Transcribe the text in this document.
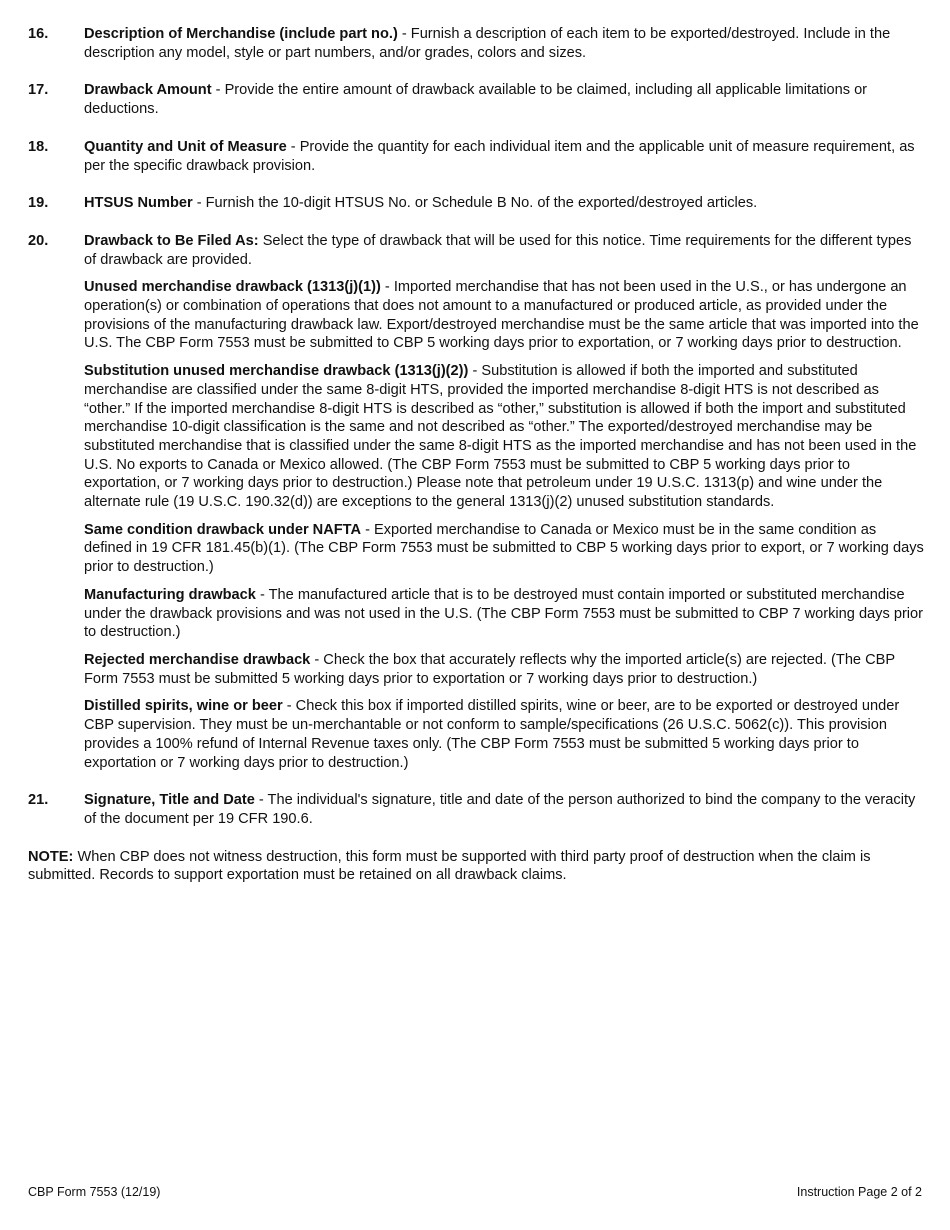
16.	Description of Merchandise (include part no.) - Furnish a description of each item to be exported/destroyed. Include in the description any model, style or part numbers, and/or grades, colors and sizes.

17.	Drawback Amount - Provide the entire amount of drawback available to be claimed, including all applicable limitations or deductions.

18.	Quantity and Unit of Measure - Provide the quantity for each individual item and the applicable unit of measure requirement, as per the specific drawback provision.

19.	HTSUS Number - Furnish the 10-digit HTSUS No. or Schedule B No. of the exported/destroyed articles.

20.	Drawback to Be Filed As: Select the type of drawback that will be used for this notice. Time requirements for the different types of drawback are provided.

Unused merchandise drawback (1313(j)(1)) - Imported merchandise that has not been used in the U.S., or has undergone an operation(s) or combination of operations that does not amount to a manufactured or produced article, as provided under the provisions of the manufacturing drawback law. Export/destroyed merchandise must be the same article that was imported into the U.S. The CBP Form 7553 must be submitted to CBP 5 working days prior to exportation, or 7 working days prior to destruction.

Substitution unused merchandise drawback (1313(j)(2)) - Substitution is allowed if both the imported and substituted merchandise are classified under the same 8-digit HTS, provided the imported merchandise 8-digit HTS is not described as “other.” If the imported merchandise 8-digit HTS is described as “other,” substitution is allowed if both the import and substituted merchandise 10-digit classification is the same and not described as “other.” The exported/destroyed merchandise may be substituted merchandise that is classified under the same 8-digit HTS as the imported merchandise and has not been used in the U.S. No exports to Canada or Mexico allowed. (The CBP Form 7553 must be submitted to CBP 5 working days prior to exportation, or 7 working days prior to destruction.) Please note that petroleum under 19 U.S.C. 1313(p) and wine under the alternate rule (19 U.S.C. 190.32(d)) are exceptions to the general 1313(j)(2) unused substitution standards.

Same condition drawback under NAFTA - Exported merchandise to Canada or Mexico must be in the same condition as defined in 19 CFR 181.45(b)(1). (The CBP Form 7553 must be submitted to CBP 5 working days prior to export, or 7 working days prior to destruction.)

Manufacturing drawback - The manufactured article that is to be destroyed must contain imported or substituted merchandise under the drawback provisions and was not used in the U.S. (The CBP Form 7553 must be submitted to CBP 7 working days prior to destruction.)

Rejected merchandise drawback - Check the box that accurately reflects why the imported article(s) are rejected. (The CBP Form 7553 must be submitted 5 working days prior to exportation or 7 working days prior to destruction.)

Distilled spirits, wine or beer - Check this box if imported distilled spirits, wine or beer, are to be exported or destroyed under CBP supervision. They must be un-merchantable or not conform to sample/specifications (26 U.S.C. 5062(c)). This provision provides a 100% refund of Internal Revenue taxes only. (The CBP Form 7553 must be submitted 5 working days prior to exportation or 7 working days prior to destruction.)

21.	Signature, Title and Date - The individual's signature, title and date of the person authorized to bind the company to the veracity of the document per 19 CFR 190.6.

NOTE: When CBP does not witness destruction, this form must be supported with third party proof of destruction when the claim is submitted. Records to support exportation must be retained on all drawback claims.

CBP Form 7553 (12/19)	Instruction Page 2 of 2
